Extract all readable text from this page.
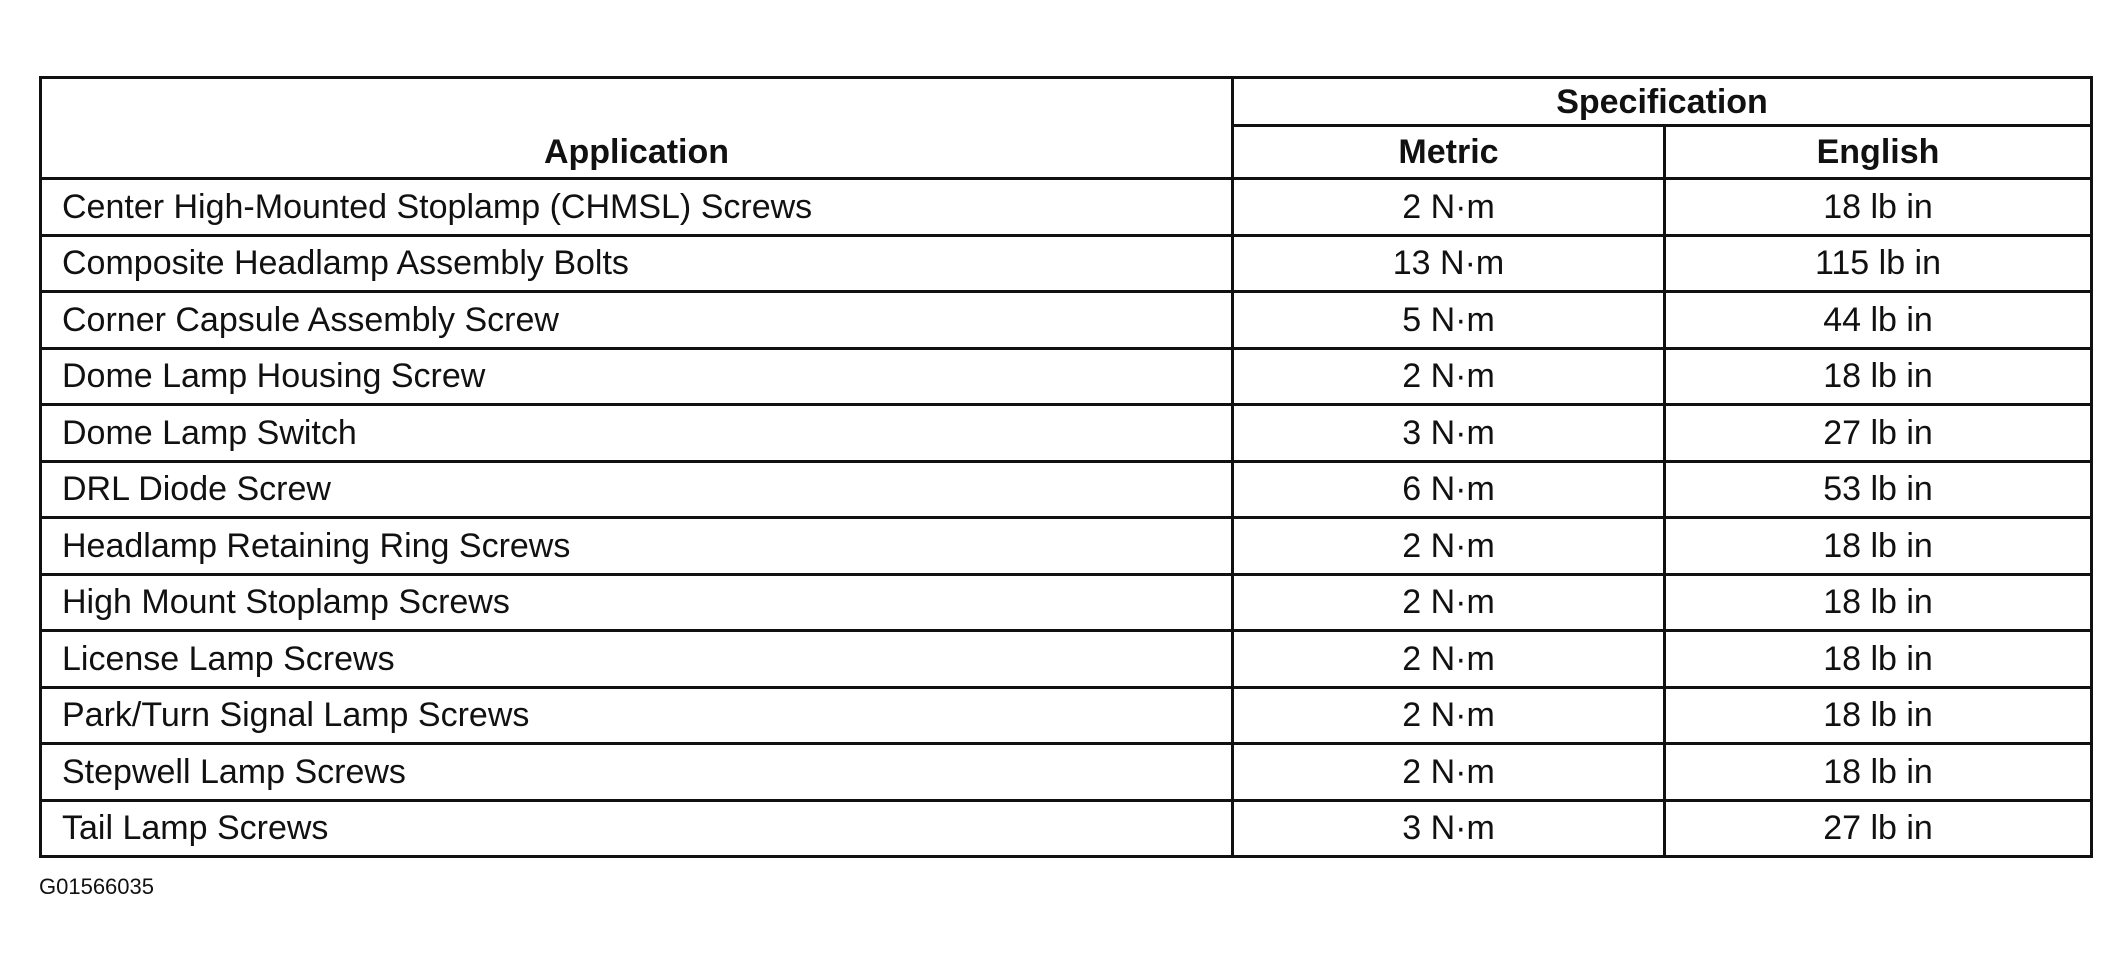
Application	Specification	
	Metric	English
Center High-Mounted Stoplamp (CHMSL) Screws	2 N·m	18 lb in
Composite Headlamp Assembly Bolts	13 N·m	115 lb in
Corner Capsule Assembly Screw	5 N·m	44 lb in
Dome Lamp Housing Screw	2 N·m	18 lb in
Dome Lamp Switch	3 N·m	27 lb in
DRL Diode Screw	6 N·m	53 lb in
Headlamp Retaining Ring Screws	2 N·m	18 lb in
High Mount Stoplamp Screws	2 N·m	18 lb in
License Lamp Screws	2 N·m	18 lb in
Park/Turn Signal Lamp Screws	2 N·m	18 lb in
Stepwell Lamp Screws	2 N·m	18 lb in
Tail Lamp Screws	3 N·m	27 lb in
G01566035
